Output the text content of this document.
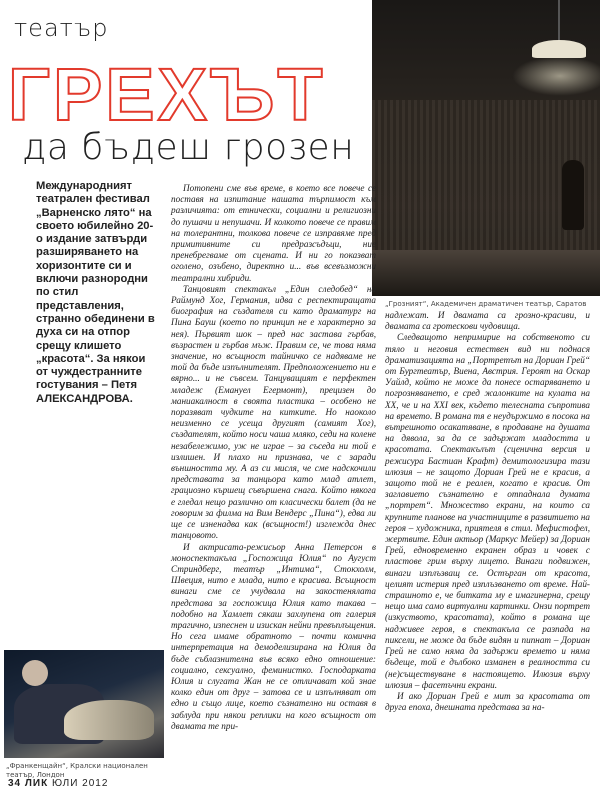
театър
ГРЕХЪТ
да бъдеш грозен
„Грозният“, Академичен драматичен театър, Саратов
Международният театрален фестивал „Варненско лято“ на своето юбилейно 20-о издание затвърди разширяването на хоризонтите си и включи разнородни по стил представления, странно обединени в духа си на отпор срещу клишето „красота“. За някои от чуждестранните гостувания – Петя АЛЕКСАНДРОВА.

Потопени сме във време, в което все повече се поставя на изпитание нашата търпимост към различията: от етнически, социални и религиозни до пушачи и непушачи. И колкото повече се правим на толерантни, толкова повече се изправяме пред примитивните си предразсъдъци, ние пренебрегваме от сцената. И ни го показват оголено, озъбено, директно и... във всевъзможни театрални хибриди.

Танцовият спектакъл „Един следобед“ на Раймунд Хог, Германия, идва с респектиращата биография на създателя си като драматург на Пина Бауш (което по принцип не е характерно за нея). Първият шок – пред нас застава гърбав, възрастен и гърбав мъж. Правим се, че това няма значение, но всъщност тайничко се надяваме не той да бъде изпълнителят. Предположението ни е вярно... и не съвсем. Танцуващият е перфектен младеж (Емануел Егермонт), прецизен до маниакалност в своята пластика – особено не поразяват чудките на китките. Но наоколо неизменно се усеща другият (самият Хог), създателят, който носи чаша мляко, седи на колене незабележимо, уж не играе – за съседа ни той е излишен. И плахо ни признава, че с заради външността му. А аз си мисля, че сме надскочили представата за танцьора като млад атлет, грациозно кършещ съвършена снага. Който някога е гледал нещо различно от класически балет (да не говорим за филма на Вим Вендерс „Пина“), едва ли ще се изненадва как (всъщност!) изглежда днес танцовото.

И актрисата-режисьор Анна Петерсон в моноспектакъла „Госпожица Юлия“ по Аугуст Стриндберг, театър „Интима“, Стокхолм, Швеция, нито е млада, нито е красива. Всъщност винаги сме се учудвала на закостенялата представа за госпожица Юлия като такава – подобно на Хамлет сякаш захлупена от галерия трагично, изпеснен и изискан нейни превъплъщения. Но сега имаме обратното – почти комична интерпретация на демоделизирана на Юлия да бъде съблазнителна във всяко едно отношение: социално, сексуално, феминистко. Господарката Юлия и слугата Жан не се отличават кой знае колко един от друг – затова се и изпълняват от едно и също лице, което съзнателно ни оставя в заблуда при някои реплики на кого всъщност от двамата те при-

надлежат. И двамата са грозно-красиви, и двамата са гротескови чудовища.

Следващото непримирие на собственото си тяло и неговия естествен вид ни поднася драматизацията на „Портретът на Дориан Грей“ от Бургтеатър, Виена, Австрия. Героят на Оскар Уайлд, който не може да понесе остаряването и погрозняването, е сред жалонките на кулата на ХХ, че и на ХХІ век, където телесната съпротива на времето. В романа тя е неудържимо в посока на вътрешното осакатяване, в продаване на душата на дявола, за да се задържат младостта и красотата. Спектакълът (сценична версия и режисура Бастиан Крафт) демитологизира тази илюзия – не защото Дориан Грей не е красив, а защото той не е реален, когато е красив. От заглавието съзнателно е отпаднала думата „портрет“. Множество екрани, на които са крупните планове на участниците в развитието на героя – художника, приятеля в стил. Мефистофел, жертвите. Един актьор (Маркус Мейер) за Дориан Грей, едновременно екранен образ и човек с пластове грим върху лицето. Винаги подвижен, винаги изплъзващ се. Остърган от красота, целият истерия пред изплъзването от време. Най-страшното е, че битката му е имагинерна, срещу нещо има само виртуални картинки. Онзи портрет (изкуството, красотата), който в романа ще надживее героя, в спектакъла се разпада на пиксели, не може да бъде видян и пипнат – Дориан Грей не само няма да задържи времето и няма бъдеще, той е дълбоко изманен в реалността си (не)съществуване в настоящето. Илюзия върху илюзия – фасетъчни екрани.

И ако Дориан Грей е мит за красотата от друга епоха, днешната представа за на-

„Франкенщайн“, Кралски национален театър, Лондон
34 ЛИК ЮЛИ 2012
